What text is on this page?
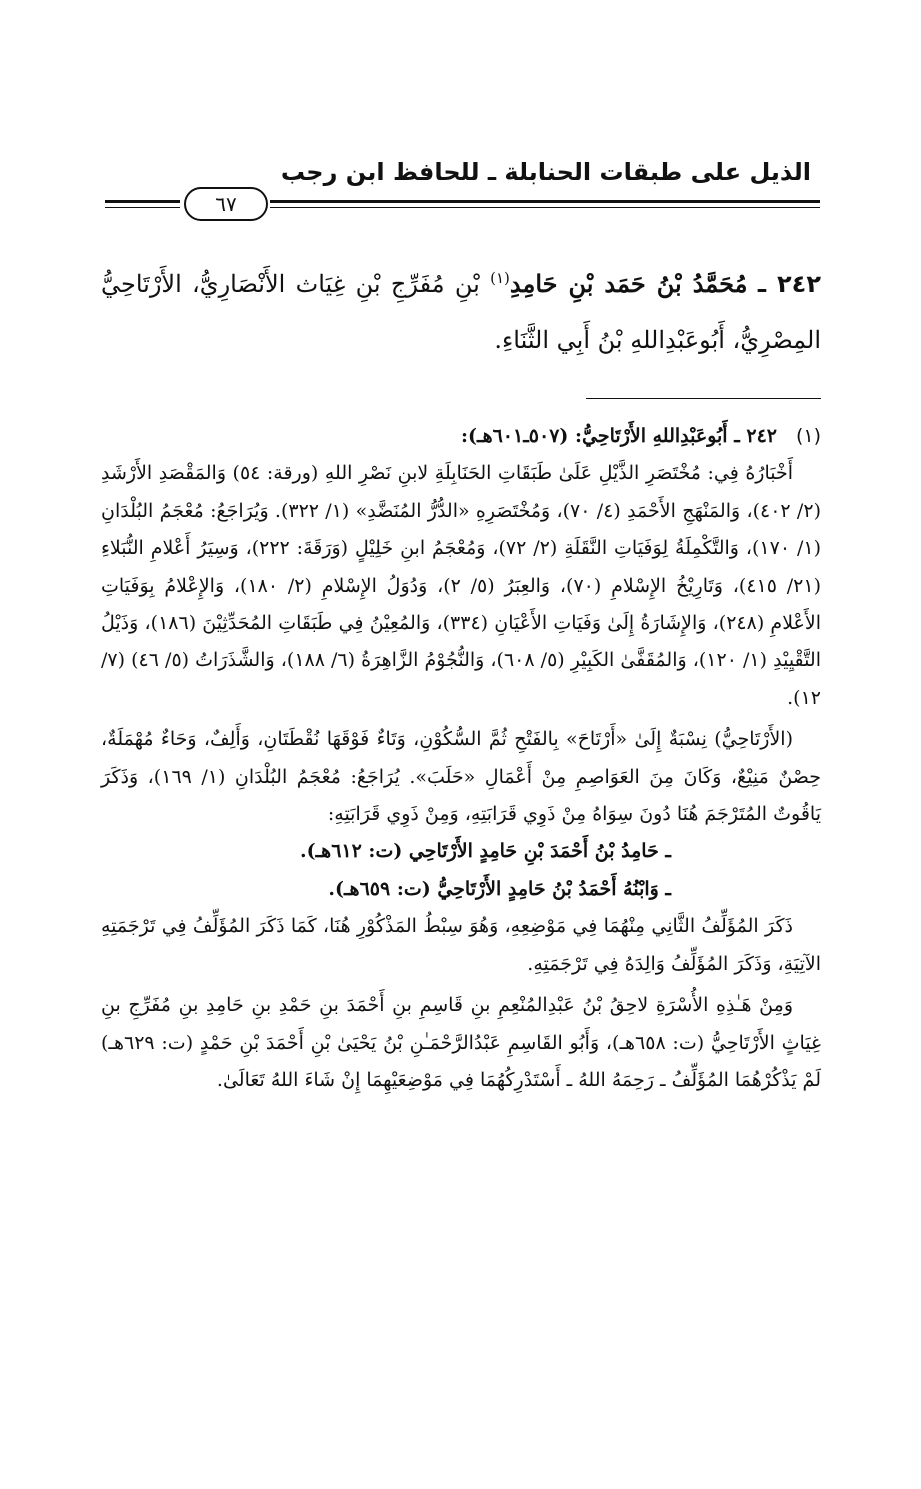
الذيل على طبقات الحنابلة ـ للحافظ ابن رجب
٦٧
٢٤٢ ـ مُحَمَّدُ بْنُ حَمَد بْنِ حَامِدِ$^{(١)}$ بْنِ مُفَرِّجِ بْنِ غِيَاث الأَنْصَارِيُّ، الأَرْتَاحِيُّ المِصْرِيُّ، أَبُوعَبْدِاللهِ بْنُ أَبِي الثَّنَاءِ.

(١)٢٤٢ ـ أَبُوعَبْدِاللهِ الأَرْتَاحِيُّ: (٥٠٧ـ٦٠١هـ):

أَخْبَارُهُ فِي: مُخْتَصَرِ الذَّيْلِ عَلَىٰ طَبَقَاتِ الحَنَابِلَةِ لابنِ نَصْرِ اللهِ (ورقة: ٥٤) وَالمَقْصَدِ الأَرْشَدِ (٢/ ٤٠٢)، وَالمَنْهَجِ الأَحْمَدِ (٤/ ٧٠)، وَمُخْتَصَرِهِ «الدُّرُّ المُنَضَّدِ» (١/ ٣٢٢). وَيُرَاجَعُ: مُعْجَمُ البُلْدَانِ (١/ ١٧٠)، وَالتَّكْمِلَةُ لِوَفَيَاتِ النَّقَلَةِ (٢/ ٧٢)، وَمُعْجَمُ ابنِ خَلِيْلٍ (وَرَقَةَ: ٢٢٢)، وَسِيَرُ أَعْلامِ النُّبَلاءِ (٢١/ ٤١٥)، وَتَارِيْخُ الإِسْلامِ (٧٠)، وَالعِبَرُ (٥/ ٢)، وَدُوَلُ الإِسْلامِ (٢/ ١٨٠)، وَالإِعْلامُ بِوَفَيَاتِ الأَعْلامِ (٢٤٨)، وَالإِشَارَةُ إِلَىٰ وَفَيَاتِ الأَعْيَانِ (٣٣٤)، وَالمُعِيْنُ فِي طَبَقَاتِ المُحَدِّثِيْنَ (١٨٦)، وَذَيْلُ التَّقْيِيْدِ (١/ ١٢٠)، وَالمُقَفَّىٰ الكَبِيْرِ (٥/ ٦٠٨)، وَالنُّجُوْمُ الزَّاهِرَةُ (٦/ ١٨٨)، وَالشَّذَرَاتُ (٥/ ٤٦) (٧/ ١٢).

(الأَرْتَاحِيُّ) نِسْبَةٌ إِلَىٰ «أَرْتَاحَ» بِالفَتْحِ ثُمَّ السُّكُوْنِ، وَتَاءٌ فَوْقَهَا نُقْطَتَانِ، وَأَلِفٌ، وَحَاءٌ مُهْمَلَةٌ، حِصْنٌ مَنِيْعٌ، وَكَانَ مِنَ العَوَاصِمِ مِنْ أَعْمَالِ «حَلَبَ». يُرَاجَعُ: مُعْجَمُ البُلْدَانِ (١/ ١٦٩)، وَذَكَرَ يَاقُوتٌ المُتَرْجَمَ هُنَا دُونَ سِوَاهُ مِنْ ذَوِي قَرَابَتِهِ، وَمِنْ ذَوِي قَرَابَتِهِ:

ـ حَامِدُ بْنُ أَحْمَدَ بْنِ حَامِدٍ الأَرْتَاحِي (ت: ٦١٢هـ).

ـ وَابْنُهُ أَحْمَدُ بْنُ حَامِدٍ الأَرْتَاحِيُّ (ت: ٦٥٩هـ).

ذَكَرَ المُؤَلِّفُ الثَّانِي مِنْهُمَا فِي مَوْضِعِهِ، وَهُوَ سِبْطُ المَذْكُوْرِ هُنَا، كَمَا ذَكَرَ المُؤَلِّفُ فِي تَرْجَمَتِهِ الآتِيَةِ، وَذَكَرَ المُؤَلِّفُ وَالِدَهُ فِي تَرْجَمَتِهِ.

وَمِنْ هَـٰذِهِ الأُسْرَةِ لاحِقُ بْنُ عَبْدِالمُنْعِمِ بنِ قَاسِمِ بنِ أَحْمَدَ بنِ حَمْدِ بنِ حَامِدِ بنِ مُفَرِّجِ بنِ غِيَاثٍ الأَرْتَاحِيُّ (ت: ٦٥٨هـ)، وَأَبُو القَاسِمِ عَبْدُالرَّحْمَـٰنِ بْنُ يَحْيَىٰ بْنِ أَحْمَدَ بْنِ حَمْدٍ (ت: ٦٢٩هـ) لَمْ يَذْكُرْهُمَا المُؤَلِّفُ ـ رَحِمَهُ اللهُ ـ أَسْتَدْرِكُهُمَا فِي مَوْضِعَيْهِمَا إِنْ شَاءَ اللهُ تَعَالَىٰ.
